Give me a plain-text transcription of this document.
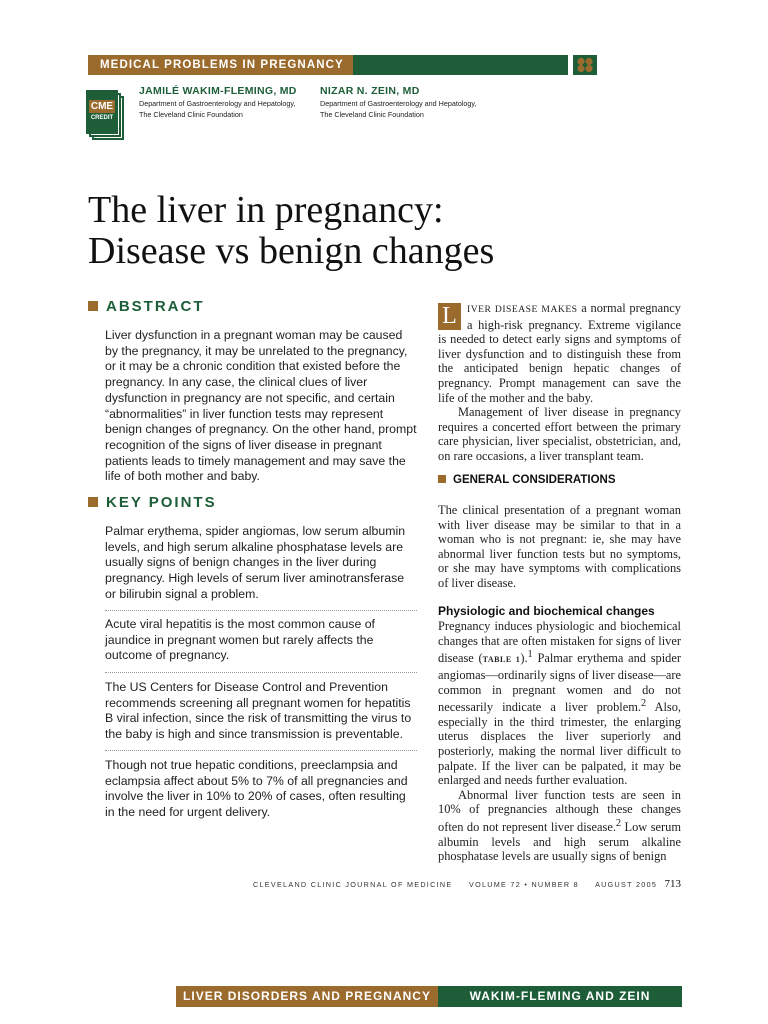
MEDICAL PROBLEMS IN PREGNANCY
CME
CREDIT
JAMILÉ WAKIM-FLEMING, MD
Department of Gastroenterology and Hepatology,
The Cleveland Clinic Foundation
NIZAR N. ZEIN, MD
Department of Gastroenterology and Hepatology,
The Cleveland Clinic Foundation
The liver in pregnancy:
Disease vs benign changes
ABSTRACT
Liver dysfunction in a pregnant woman may be caused by the pregnancy, it may be unrelated to the pregnancy, or it may be a chronic condition that existed before the pregnancy. In any case, the clinical clues of liver dysfunction in pregnancy are not specific, and certain “abnormalities” in liver function tests may represent benign changes of pregnancy. On the other hand, prompt recognition of the signs of liver disease in pregnant patients leads to timely management and may save the life of both mother and baby.
KEY POINTS
Palmar erythema, spider angiomas, low serum albumin levels, and high serum alkaline phosphatase levels are usually signs of benign changes in the liver during pregnancy. High levels of serum liver aminotransferase or bilirubin signal a problem.
Acute viral hepatitis is the most common cause of jaundice in pregnant women but rarely affects the outcome of pregnancy.
The US Centers for Disease Control and Prevention recommends screening all pregnant women for hepatitis B viral infection, since the risk of transmitting the virus to the baby is high and since transmission is preventable.
Though not true hepatic conditions, preeclampsia and eclampsia affect about 5% to 7% of all pregnancies and involve the liver in 10% to 20% of cases, often resulting in the need for urgent delivery.

L	IVER DISEASE MAKES a normal pregnancy a high-risk pregnancy. Extreme vigilance is needed to detect early signs and symptoms of liver dysfunction and to distinguish these from the anticipated benign hepatic changes of pregnancy. Prompt management can save the life of the mother and the baby.

Management of liver disease in pregnancy requires a concerted effort between the primary care physician, liver specialist, obstetrician, and, on rare occasions, a liver transplant team.

GENERAL CONSIDERATIONS
The clinical presentation of a pregnant woman with liver disease may be similar to that in a woman who is not pregnant: ie, she may have abnormal liver function tests but no symptoms, or she may have symptoms with complications of liver disease.
Physiologic and biochemical changes

Pregnancy induces physiologic and biochemical changes that are often mistaken for signs of liver disease (TABLE 1).$^1$ Palmar erythema and spider angiomas—ordinarily signs of liver disease—are common in pregnant women and do not necessarily indicate a liver problem.$^2$ Also, especially in the third trimester, the enlarging uterus displaces the liver superiorly and posteriorly, making the normal liver difficult to palpate. If the liver can be palpated, it may be enlarged and needs further evaluation.

Abnormal liver function tests are seen in 10% of pregnancies although these changes often do not represent liver disease.$^2$ Low serum albumin levels and high serum alkaline phosphatase levels are usually signs of benign

CLEVELAND CLINIC JOURNAL OF MEDICINE VOLUME 72 • NUMBER 8 AUGUST 2005 713
LIVER DISORDERS AND PREGNANCY	WAKIM-FLEMING AND ZEIN
